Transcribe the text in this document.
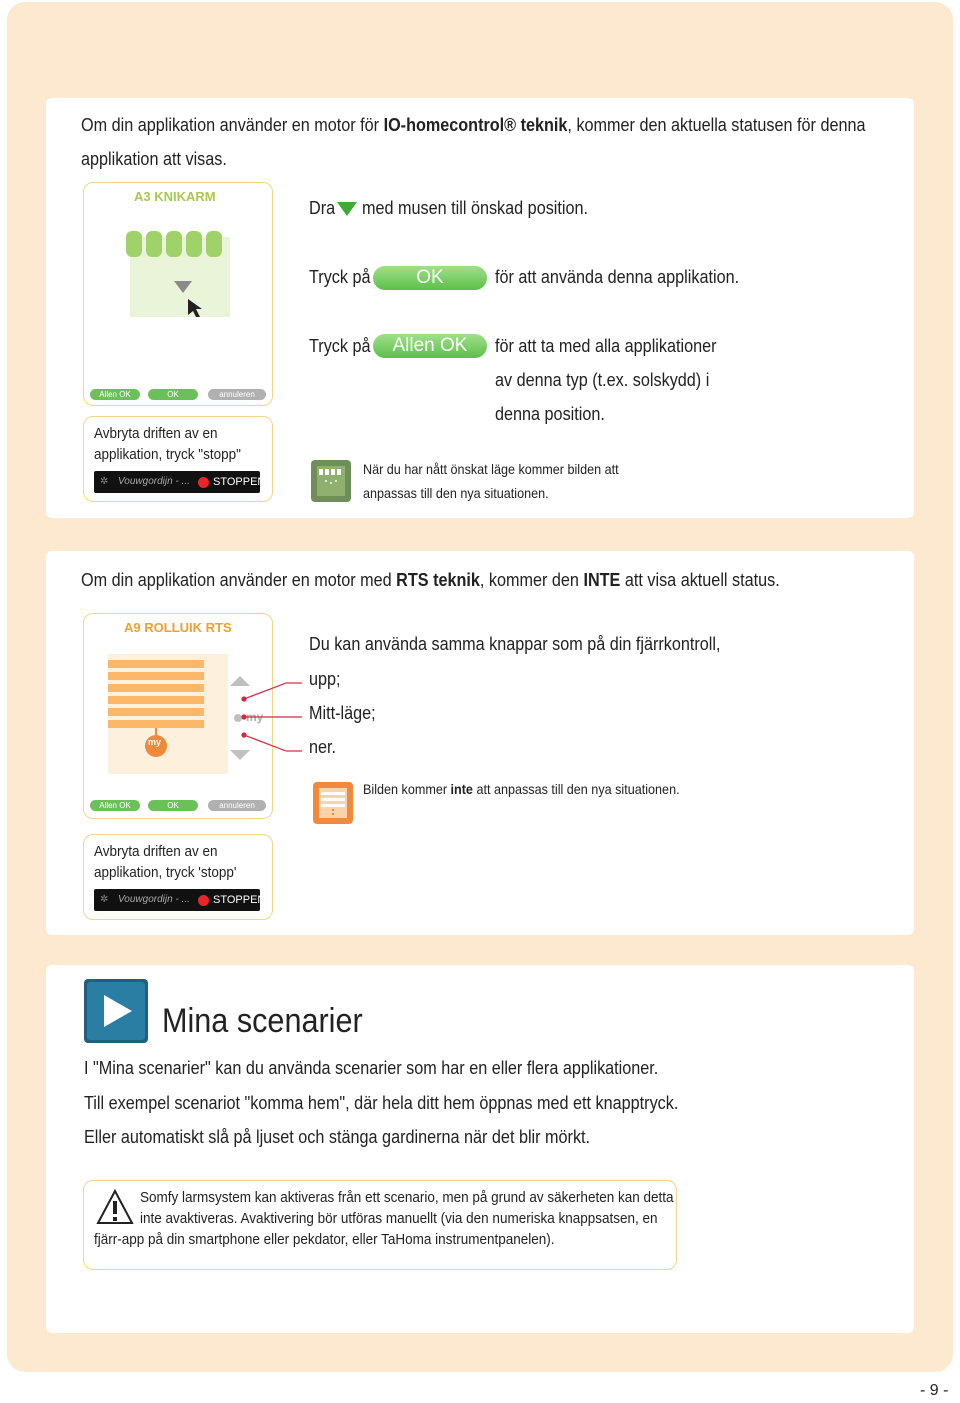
Om din applikation använder en motor för IO-homecontrol® teknik, kommer den aktuella statusen för denna
applikation att visas.
A3 KNIKARM
Allen OK	OK	annuleren
Avbryta driften av en
applikation, tryck "stopp"
✲ Vouwgordijn - ... STOPPEN
Dra med musen till önskad position.
Tryck på	OK	för att använda denna applikation.
Tryck på	Allen OK	för att ta med alla applikationer
av denna typ (t.ex. solskydd) i
denna position.
När du har nått önskat läge kommer bilden att
anpassas till den nya situationen.
Om din applikation använder en motor med RTS teknik, kommer den INTE att visa aktuell status.
A9 ROLLUIK RTS
my
my
Allen OK	OK	annuleren
Du kan använda samma knappar som på din fjärrkontroll,
upp;
Mitt-läge;
ner.
Bilden kommer inte att anpassas till den nya situationen.
Avbryta driften av en
applikation, tryck 'stopp'
✲ Vouwgordijn - ... STOPPEN
Mina scenarier
I "Mina scenarier" kan du använda scenarier som har en eller flera applikationer.
Till exempel scenariot "komma hem", där hela ditt hem öppnas med ett knapptryck.
Eller automatiskt slå på ljuset och stänga gardinerna när det blir mörkt.
Somfy larmsystem kan aktiveras från ett scenario, men på grund av säkerheten kan detta
inte avaktiveras. Avaktivering bör utföras manuellt (via den numeriska knappsatsen, en
fjärr-app på din smartphone eller pekdator, eller TaHoma instrumentpanelen).
- 9 -
